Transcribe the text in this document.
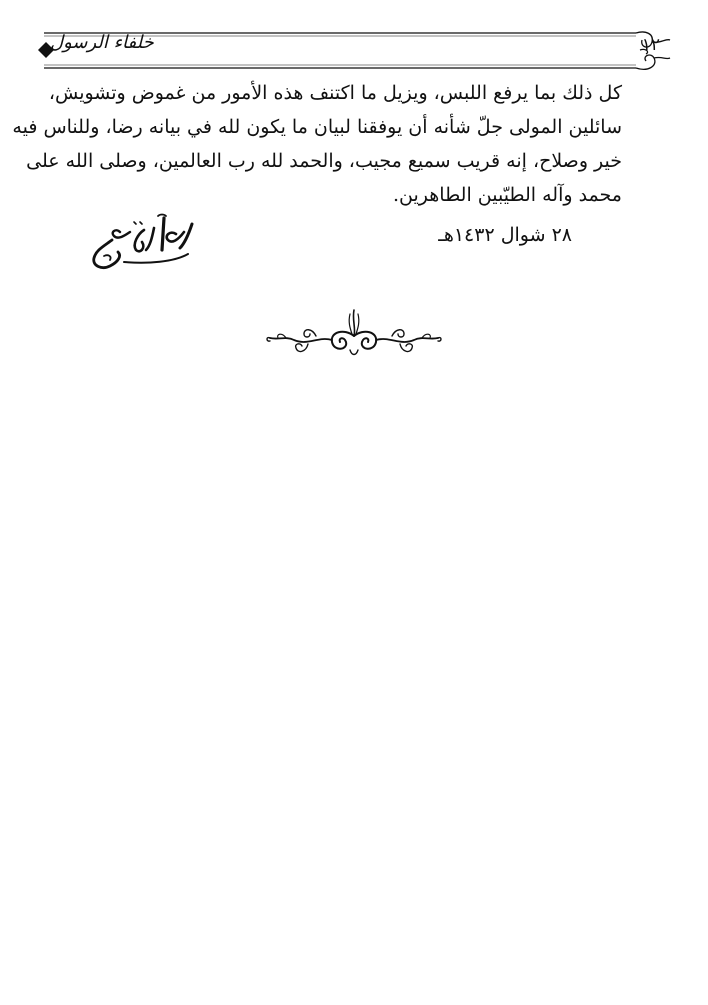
١٢
خلفاء الرسول
كل ذلك بما يرفع اللبس، ويزيل ما اكتنف هذه الأمور من غموض وتشويش،
سائلين المولى جلّ شأنه أن يوفقنا لبيان ما يكون لله في بيانه رضا، وللناس فيه
خير وصلاح، إنه قريب سميع مجيب، والحمد لله رب العالمين، وصلى الله على
محمد وآله الطيّبين الطاهرين.
٢٨ شوال ١٤٣٢هـ
